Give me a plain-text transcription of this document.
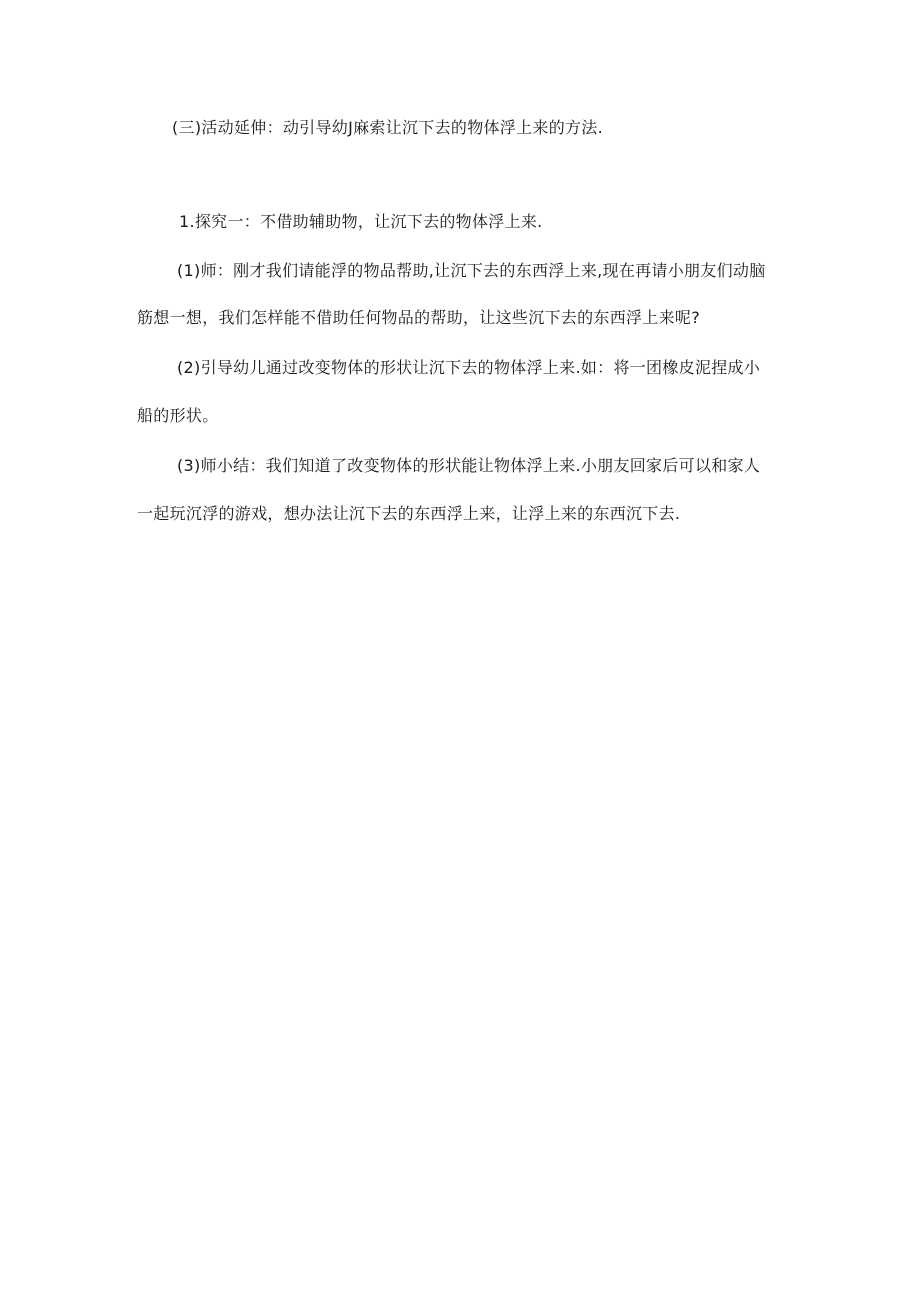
(三)活动延伸：动引导幼J麻索让沉下去的物体浮上来的方法.
1.探究一：不借助辅助物，让沉下去的物体浮上来.
(1)师：刚才我们请能浮的物品帮助,让沉下去的东西浮上来,现在再请小朋友们动脑
筋想一想，我们怎样能不借助任何物品的帮助，让这些沉下去的东西浮上来呢?
(2)引导幼儿通过改变物体的形状让沉下去的物体浮上来.如：将一团橡皮泥捏成小
船的形状。
(3)师小结：我们知道了改变物体的形状能让物体浮上来.小朋友回家后可以和家人
一起玩沉浮的游戏，想办法让沉下去的东西浮上来，让浮上来的东西沉下去.
